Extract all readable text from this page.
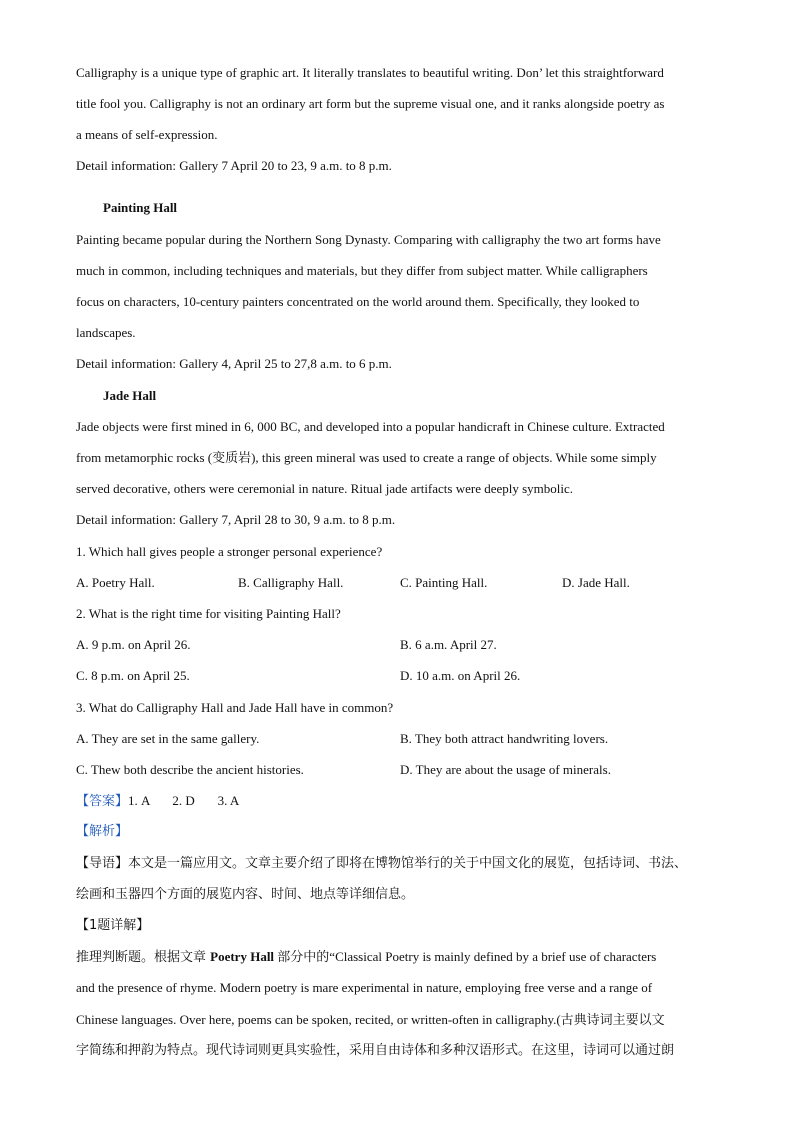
Calligraphy is a unique type of graphic art. It literally translates to beautiful writing. Don’ let this straightforward
title fool you. Calligraphy is not an ordinary art form but the supreme visual one, and it ranks alongside poetry as
a means of self-expression.
Detail information: Gallery 7 April 20 to 23, 9 a.m. to 8 p.m.
Painting Hall
Painting became popular during the Northern Song Dynasty. Comparing with calligraphy the two art forms have
much in common, including techniques and materials, but they differ from subject matter. While calligraphers
focus on characters, 10-century painters concentrated on the world around them. Specifically, they looked to
landscapes.
Detail information: Gallery 4, April 25 to 27,8 a.m. to 6 p.m.
Jade Hall
Jade objects were first mined in 6, 000 BC, and developed into a popular handicraft in Chinese culture. Extracted
from metamorphic rocks (变质岩), this green mineral was used to create a range of objects. While some simply
served decorative, others were ceremonial in nature. Ritual jade artifacts were deeply symbolic.
Detail information: Gallery 7, April 28 to 30, 9 a.m. to 8 p.m.
1. Which hall gives people a stronger personal experience?
A. Poetry Hall.	B. Calligraphy Hall.	C. Painting Hall.	D. Jade Hall.
2. What is the right time for visiting Painting Hall?
A. 9 p.m. on April 26.	B. 6 a.m. April 27.
C. 8 p.m. on April 25.	D. 10 a.m. on April 26.
3. What do Calligraphy Hall and Jade Hall have in common?
A. They are set in the same gallery.	B. They both attract handwriting lovers.
C. Thew both describe the ancient histories.	D. They are about the usage of minerals.
【答案】1. A       2. D       3. A
【解析】
【导语】本文是一篇应用文。文章主要介绍了即将在博物馆举行的关于中国文化的展览，包括诗词、书法、
绘画和玉器四个方面的展览内容、时间、地点等详细信息。
【1题详解】
推理判断题。根据文章 Poetry Hall 部分中的“Classical Poetry is mainly defined by a brief use of characters
and the presence of rhyme. Modern poetry is mare experimental in nature, employing free verse and a range of
Chinese languages. Over here, poems can be spoken, recited, or written-often in calligraphy.(古典诗词主要以文
字简练和押韵为特点。现代诗词则更具实验性，采用自由诗体和多种汉语形式。在这里，诗词可以通过朗
